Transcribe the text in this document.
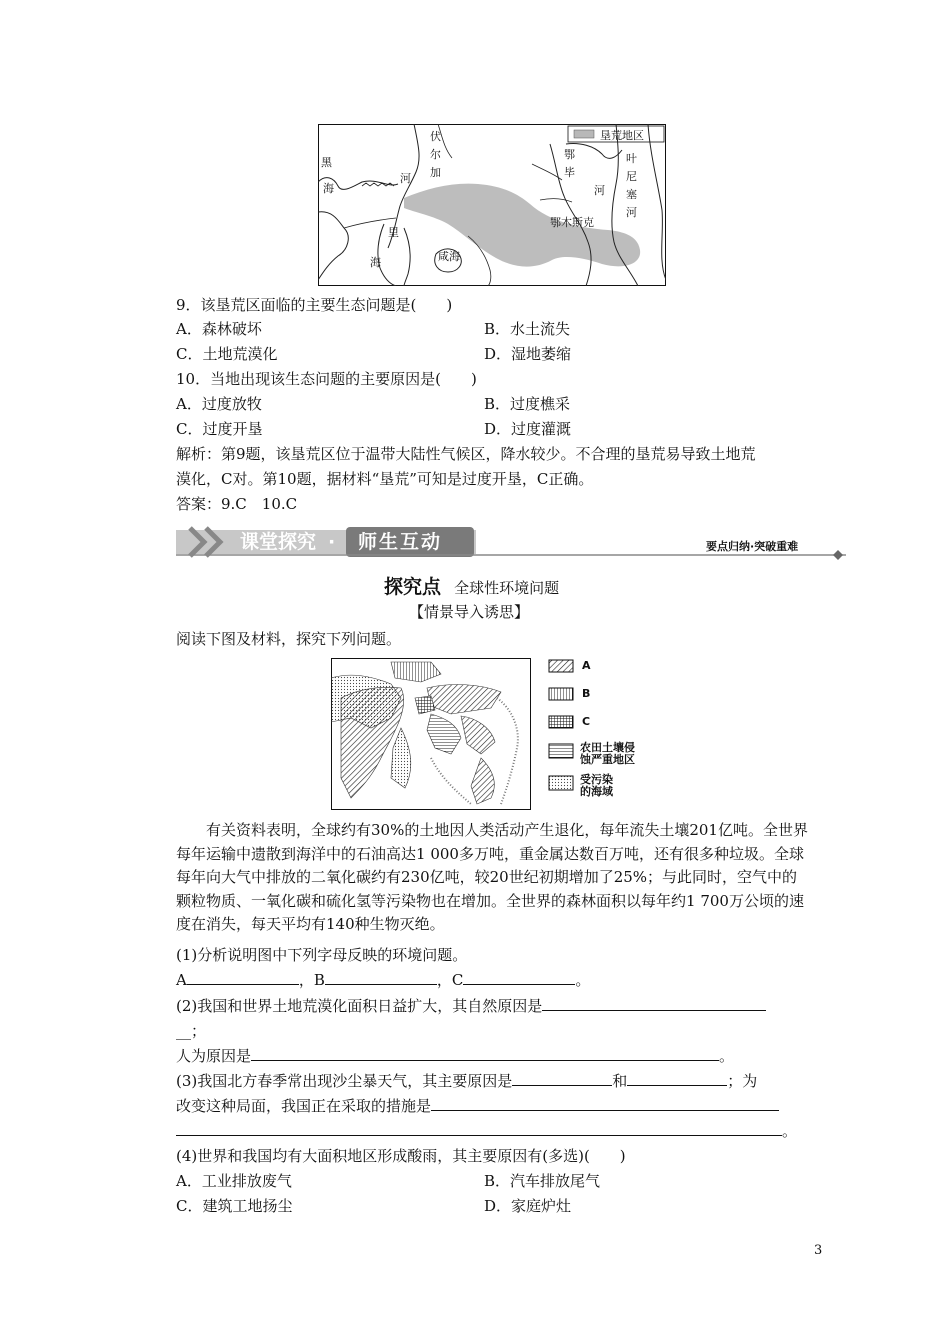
垦荒地区
伏
尔
加
河
黑
海
里
海	咸海
鄂
毕
河
叶
尼
塞
河
鄂木斯克
9．该垦荒区面临的主要生态问题是(　　)
A．森林破坏	B．水土流失
C．土地荒漠化	D．湿地萎缩
10．当地出现该生态问题的主要原因是(　　)
A．过度放牧	B．过度樵采
C．过度开垦	D．过度灌溉
解析：第9题，该垦荒区位于温带大陆性气候区，降水较少。不合理的垦荒易导致土地荒
漠化，C对。第10题，据材料“垦荒”可知是过度开垦，C正确。
答案：9.C　10.C
课堂探究 · 师生互动	要点归纳·突破重难
探究点 全球性环境问题
【情景导入诱思】
阅读下图及材料，探究下列问题。
A
B
C
农田土壤侵
蚀严重地区
受污染
的海域

有关资料表明，全球约有30%的土地因人类活动产生退化，每年流失土壤201亿吨。全世界每年运输中遗散到海洋中的石油高达1 000多万吨，重金属达数百万吨，还有很多种垃圾。全球每年向大气中排放的二氧化碳约有230亿吨，较20世纪初期增加了25%；与此同时，空气中的颗粒物质、一氧化碳和硫化氢等污染物也在增加。全世界的森林面积以每年约1 700万公顷的速度在消失，每天平均有140种生物灭绝。

(1)分析说明图中下列字母反映的环境问题。
A	，B	，C	。
(2)我国和世界土地荒漠化面积日益扩大，其自然原因是
__；
人为原因是	。
(3)我国北方春季常出现沙尘暴天气，其主要原因是	和	；为
改变这种局面，我国正在采取的措施是
。
(4)世界和我国均有大面积地区形成酸雨，其主要原因有(多选)(　　)
A．工业排放废气	B．汽车排放尾气
C．建筑工地扬尘	D．家庭炉灶
3
